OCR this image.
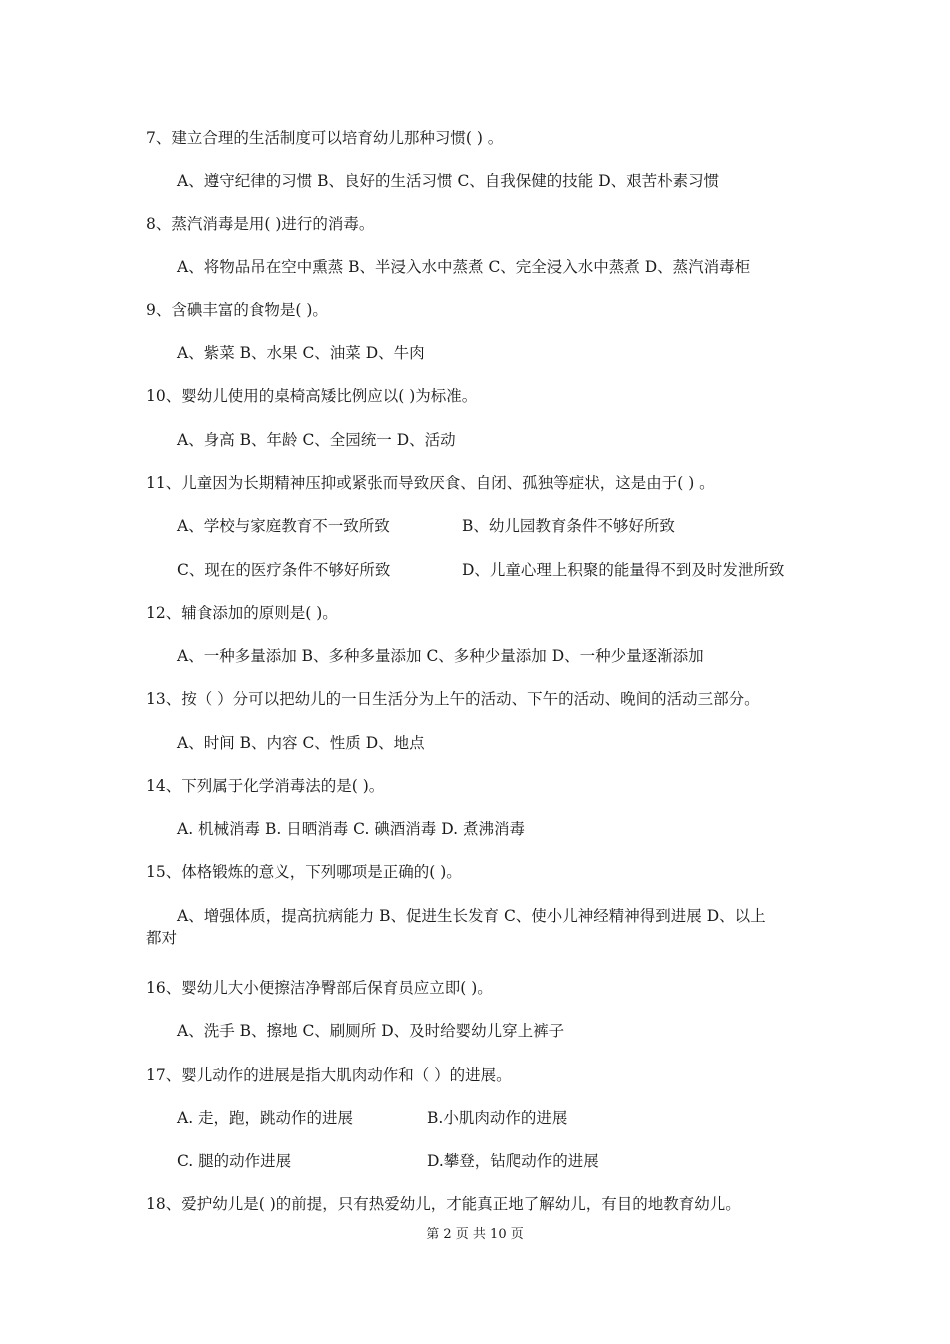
7、建立合理的生活制度可以培育幼儿那种习惯( ) 。
A、遵守纪律的习惯 B、良好的生活习惯 C、自我保健的技能 D、艰苦朴素习惯
8、蒸汽消毒是用( )进行的消毒。
A、将物品吊在空中熏蒸 B、半浸入水中蒸煮 C、完全浸入水中蒸煮 D、蒸汽消毒柜
9、含碘丰富的食物是( )。
A、紫菜 B、水果 C、油菜 D、牛肉
10、婴幼儿使用的桌椅高矮比例应以( )为标准。
A、身高 B、年龄 C、全园统一 D、活动
11、儿童因为长期精神压抑或紧张而导致厌食、自闭、孤独等症状，这是由于( ) 。
A、学校与家庭教育不一致所致	B、幼儿园教育条件不够好所致
C、现在的医疗条件不够好所致	D、儿童心理上积聚的能量得不到及时发泄所致
12、辅食添加的原则是( )。
A、一种多量添加 B、多种多量添加 C、多种少量添加 D、一种少量逐渐添加
13、按（ ）分可以把幼儿的一日生活分为上午的活动、下午的活动、晚间的活动三部分。
A、时间 B、内容 C、性质 D、地点
14、下列属于化学消毒法的是( )。
A. 机械消毒 B. 日晒消毒 C. 碘酒消毒 D. 煮沸消毒
15、体格锻炼的意义，下列哪项是正确的( )。
A、增强体质，提高抗病能力 B、促进生长发育 C、使小儿神经精神得到进展 D、以上
都对
16、婴幼儿大小便擦洁净臀部后保育员应立即( )。
A、洗手 B、擦地 C、刷厕所 D、及时给婴幼儿穿上裤子
17、婴儿动作的进展是指大肌肉动作和（ ）的进展。
A. 走，跑，跳动作的进展	B.小肌肉动作的进展
C. 腿的动作进展	D.攀登，钻爬动作的进展
18、爱护幼儿是( )的前提，只有热爱幼儿，才能真正地了解幼儿，有目的地教育幼儿。
第 2 页 共 10 页
